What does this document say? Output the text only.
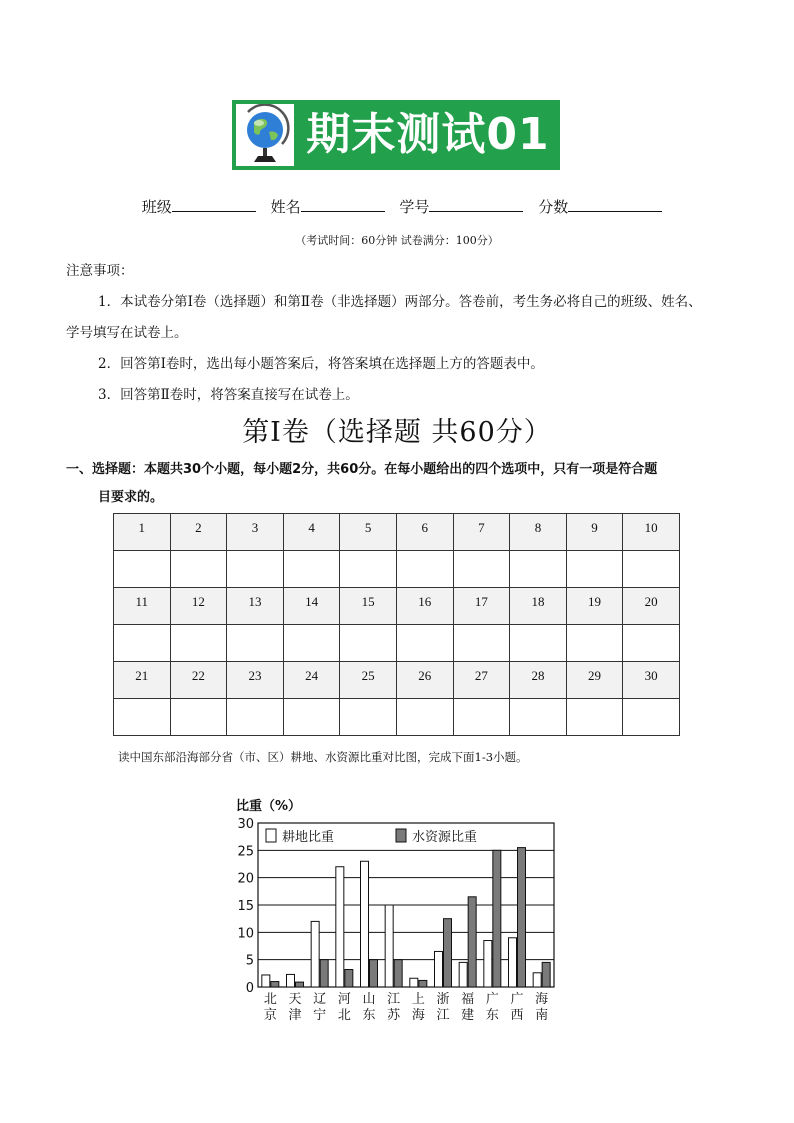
期末测试01
班级	姓名	学号	分数
（考试时间：60分钟 试卷满分：100分）
注意事项：
1．本试卷分第Ⅰ卷（选择题）和第Ⅱ卷（非选择题）两部分。答卷前，考生务必将自己的班级、姓名、
学号填写在试卷上。
2．回答第Ⅰ卷时，选出每小题答案后，将答案填在选择题上方的答题表中。
3．回答第Ⅱ卷时，将答案直接写在试卷上。
第Ⅰ卷（选择题 共60分）
一、选择题：本题共30个小题，每小题2分，共60分。在每小题给出的四个选项中，只有一项是符合题
目要求的。
1	2	3	4	5	6	7	8	9	10

11	12	13	14	15	16	17	18	19	20

21	22	23	24	25	26	27	28	29	30

读中国东部沿海部分省（市、区）耕地、水资源比重对比图，完成下面1-3小题。
比重（%）
0
5
10
15
20
25
30
耕地比重	水资源比重
北
京
天
津
辽
宁
河
北
山
东
江
苏
上
海
浙
江
福
建
广
东
广
西
海
南
